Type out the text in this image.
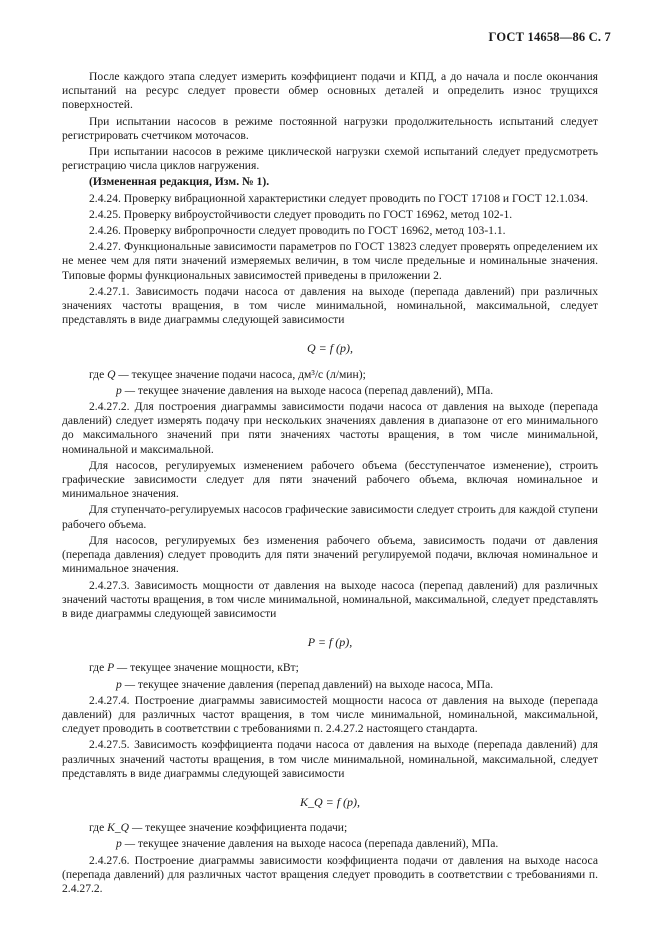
ГОСТ 14658—86 С. 7

После каждого этапа следует измерить коэффициент подачи и КПД, а до начала и после окончания испытаний на ресурс следует провести обмер основных деталей и определить износ трущихся поверхностей.

При испытании насосов в режиме постоянной нагрузки продолжительность испытаний следует регистрировать счетчиком моточасов.

При испытании насосов в режиме циклической нагрузки схемой испытаний следует предусмотреть регистрацию числа циклов нагружения.

(Измененная редакция, Изм. № 1).

2.4.24. Проверку вибрационной характеристики следует проводить по ГОСТ 17108 и ГОСТ 12.1.034.

2.4.25. Проверку виброустойчивости следует проводить по ГОСТ 16962, метод 102-1.

2.4.26. Проверку вибропрочности следует проводить по ГОСТ 16962, метод 103-1.1.

2.4.27. Функциональные зависимости параметров по ГОСТ 13823 следует проверять определением их не менее чем для пяти значений измеряемых величин, в том числе предельные и номинальные значения. Типовые формы функциональных зависимостей приведены в приложении 2.

2.4.27.1. Зависимость подачи насоса от давления на выходе (перепада давлений) при различных значениях частоты вращения, в том числе минимальной, номинальной, максимальной, следует представлять в виде диаграммы следующей зависимости

Q = f (p),

где Q — текущее значение подачи насоса, дм³/с (л/мин);

p — текущее значение давления на выходе насоса (перепад давлений), МПа.

2.4.27.2. Для построения диаграммы зависимости подачи насоса от давления на выходе (перепада давлений) следует измерять подачу при нескольких значениях давления в диапазоне от его минимального до максимального значений при пяти значениях частоты вращения, в том числе минимальной, номинальной и максимальной.

Для насосов, регулируемых изменением рабочего объема (бесступенчатое изменение), строить графические зависимости следует для пяти значений рабочего объема, включая номинальное и минимальное значения.

Для ступенчато-регулируемых насосов графические зависимости следует строить для каждой ступени рабочего объема.

Для насосов, регулируемых без изменения рабочего объема, зависимость подачи от давления (перепада давления) следует проводить для пяти значений регулируемой подачи, включая номинальное и минимальное значения.

2.4.27.3. Зависимость мощности от давления на выходе насоса (перепад давлений) для различных значений частоты вращения, в том числе минимальной, номинальной, максимальной, следует представлять в виде диаграммы следующей зависимости

P = f (p),

где P — текущее значение мощности, кВт;

p — текущее значение давления (перепад давлений) на выходе насоса, МПа.

2.4.27.4. Построение диаграммы зависимостей мощности насоса от давления на выходе (перепада давлений) для различных частот вращения, в том числе минимальной, номинальной, максимальной, следует проводить в соответствии с требованиями п. 2.4.27.2 настоящего стандарта.

2.4.27.5. Зависимость коэффициента подачи насоса от давления на выходе (перепада давлений) для различных значений частоты вращения, в том числе минимальной, номинальной, максимальной, следует представлять в виде диаграммы следующей зависимости

K_Q = f (p),

где K_Q — текущее значение коэффициента подачи;

p — текущее значение давления на выходе насоса (перепада давлений), МПа.

2.4.27.6. Построение диаграммы зависимости коэффициента подачи от давления на выходе насоса (перепада давлений) для различных частот вращения следует проводить в соответствии с требованиями п. 2.4.27.2.
